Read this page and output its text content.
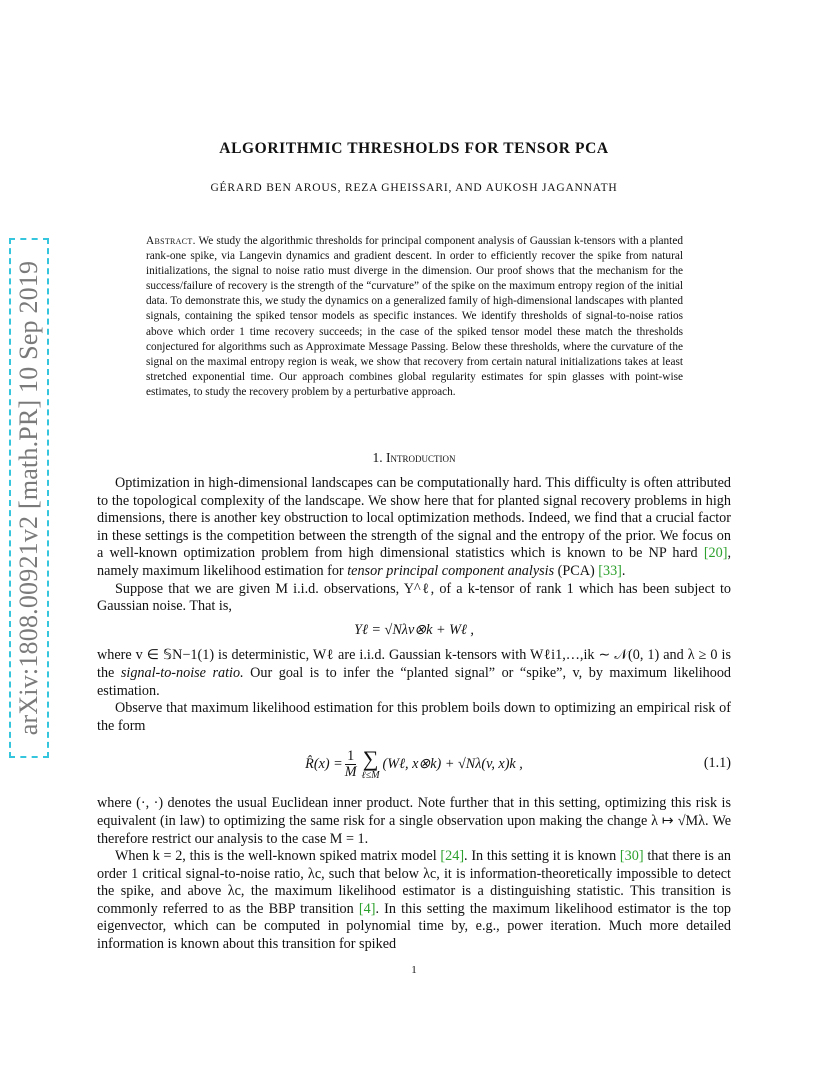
arXiv:1808.00921v2 [math.PR] 10 Sep 2019
ALGORITHMIC THRESHOLDS FOR TENSOR PCA
GÉRARD BEN AROUS, REZA GHEISSARI, AND AUKOSH JAGANNATH
Abstract. We study the algorithmic thresholds for principal component analysis of Gaussian k-tensors with a planted rank-one spike, via Langevin dynamics and gradient descent. In order to efficiently recover the spike from natural initializations, the signal to noise ratio must diverge in the dimension. Our proof shows that the mechanism for the success/failure of recovery is the strength of the “curvature” of the spike on the maximum entropy region of the initial data. To demonstrate this, we study the dynamics on a generalized family of high-dimensional landscapes with planted signals, containing the spiked tensor models as specific instances. We identify thresholds of signal-to-noise ratios above which order 1 time recovery succeeds; in the case of the spiked tensor model these match the thresholds conjectured for algorithms such as Approximate Message Passing. Below these thresholds, where the curvature of the signal on the maximal entropy region is weak, we show that recovery from certain natural initializations takes at least stretched exponential time. Our approach combines global regularity estimates for spin glasses with point-wise estimates, to study the recovery problem by a perturbative approach.
1. Introduction

Optimization in high-dimensional landscapes can be computationally hard. This difficulty is often attributed to the topological complexity of the landscape. We show here that for planted signal recovery problems in high dimensions, there is another key obstruction to local optimization methods. Indeed, we find that a crucial factor in these settings is the competition between the strength of the signal and the entropy of the prior. We focus on a well-known optimization problem from high dimensional statistics which is known to be NP hard [20], namely maximum likelihood estimation for tensor principal component analysis (PCA) [33].

Suppose that we are given M i.i.d. observations, Y^ℓ, of a k-tensor of rank 1 which has been subject to Gaussian noise. That is,

Yℓ = √Nλv⊗k + Wℓ ,

where v ∈ 𝕊N−1(1) is deterministic, Wℓ are i.i.d. Gaussian k-tensors with Wℓi1,…,ik ∼ 𝒩(0, 1) and λ ≥ 0 is the signal-to-noise ratio. Our goal is to infer the “planted signal” or “spike”, v, by maximum likelihood estimation.

Observe that maximum likelihood estimation for this problem boils down to optimizing an empirical risk of the form

R̂(x) = $\frac{1}{M}$ ∑
ℓ≤M
(Wℓ, x⊗k) + √Nλ(v, x)k ,	(1.1)

where (·, ·) denotes the usual Euclidean inner product. Note further that in this setting, optimizing this risk is equivalent (in law) to optimizing the same risk for a single observation upon making the change λ ↦ √Mλ. We therefore restrict our analysis to the case M = 1.

When k = 2, this is the well-known spiked matrix model [24]. In this setting it is known [30] that there is an order 1 critical signal-to-noise ratio, λc, such that below λc, it is information-theoretically impossible to detect the spike, and above λc, the maximum likelihood estimator is a distinguishing statistic. This transition is commonly referred to as the BBP transition [4]. In this setting the maximum likelihood estimator is the top eigenvector, which can be computed in polynomial time by, e.g., power iteration. Much more detailed information is known about this transition for spiked

1
